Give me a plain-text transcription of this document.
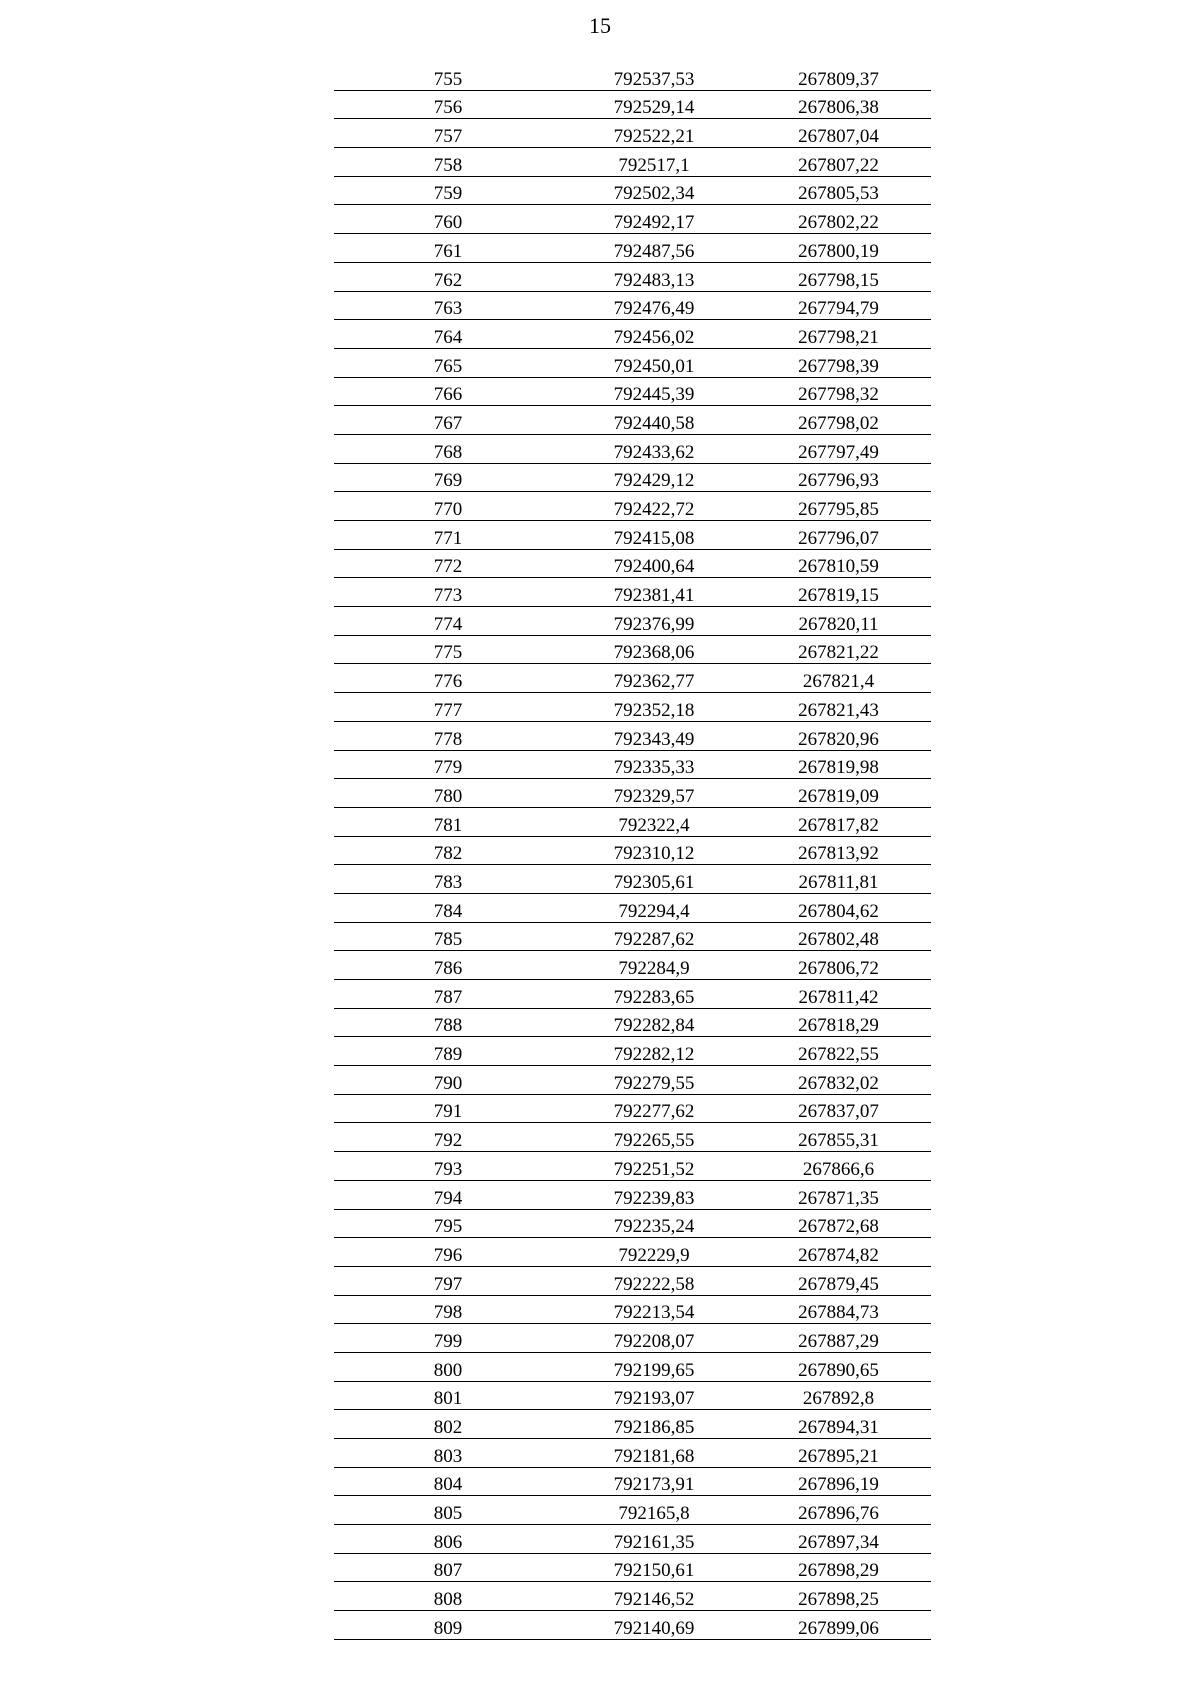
15
755	792537,53	267809,37
756	792529,14	267806,38
757	792522,21	267807,04
758	792517,1	267807,22
759	792502,34	267805,53
760	792492,17	267802,22
761	792487,56	267800,19
762	792483,13	267798,15
763	792476,49	267794,79
764	792456,02	267798,21
765	792450,01	267798,39
766	792445,39	267798,32
767	792440,58	267798,02
768	792433,62	267797,49
769	792429,12	267796,93
770	792422,72	267795,85
771	792415,08	267796,07
772	792400,64	267810,59
773	792381,41	267819,15
774	792376,99	267820,11
775	792368,06	267821,22
776	792362,77	267821,4
777	792352,18	267821,43
778	792343,49	267820,96
779	792335,33	267819,98
780	792329,57	267819,09
781	792322,4	267817,82
782	792310,12	267813,92
783	792305,61	267811,81
784	792294,4	267804,62
785	792287,62	267802,48
786	792284,9	267806,72
787	792283,65	267811,42
788	792282,84	267818,29
789	792282,12	267822,55
790	792279,55	267832,02
791	792277,62	267837,07
792	792265,55	267855,31
793	792251,52	267866,6
794	792239,83	267871,35
795	792235,24	267872,68
796	792229,9	267874,82
797	792222,58	267879,45
798	792213,54	267884,73
799	792208,07	267887,29
800	792199,65	267890,65
801	792193,07	267892,8
802	792186,85	267894,31
803	792181,68	267895,21
804	792173,91	267896,19
805	792165,8	267896,76
806	792161,35	267897,34
807	792150,61	267898,29
808	792146,52	267898,25
809	792140,69	267899,06
